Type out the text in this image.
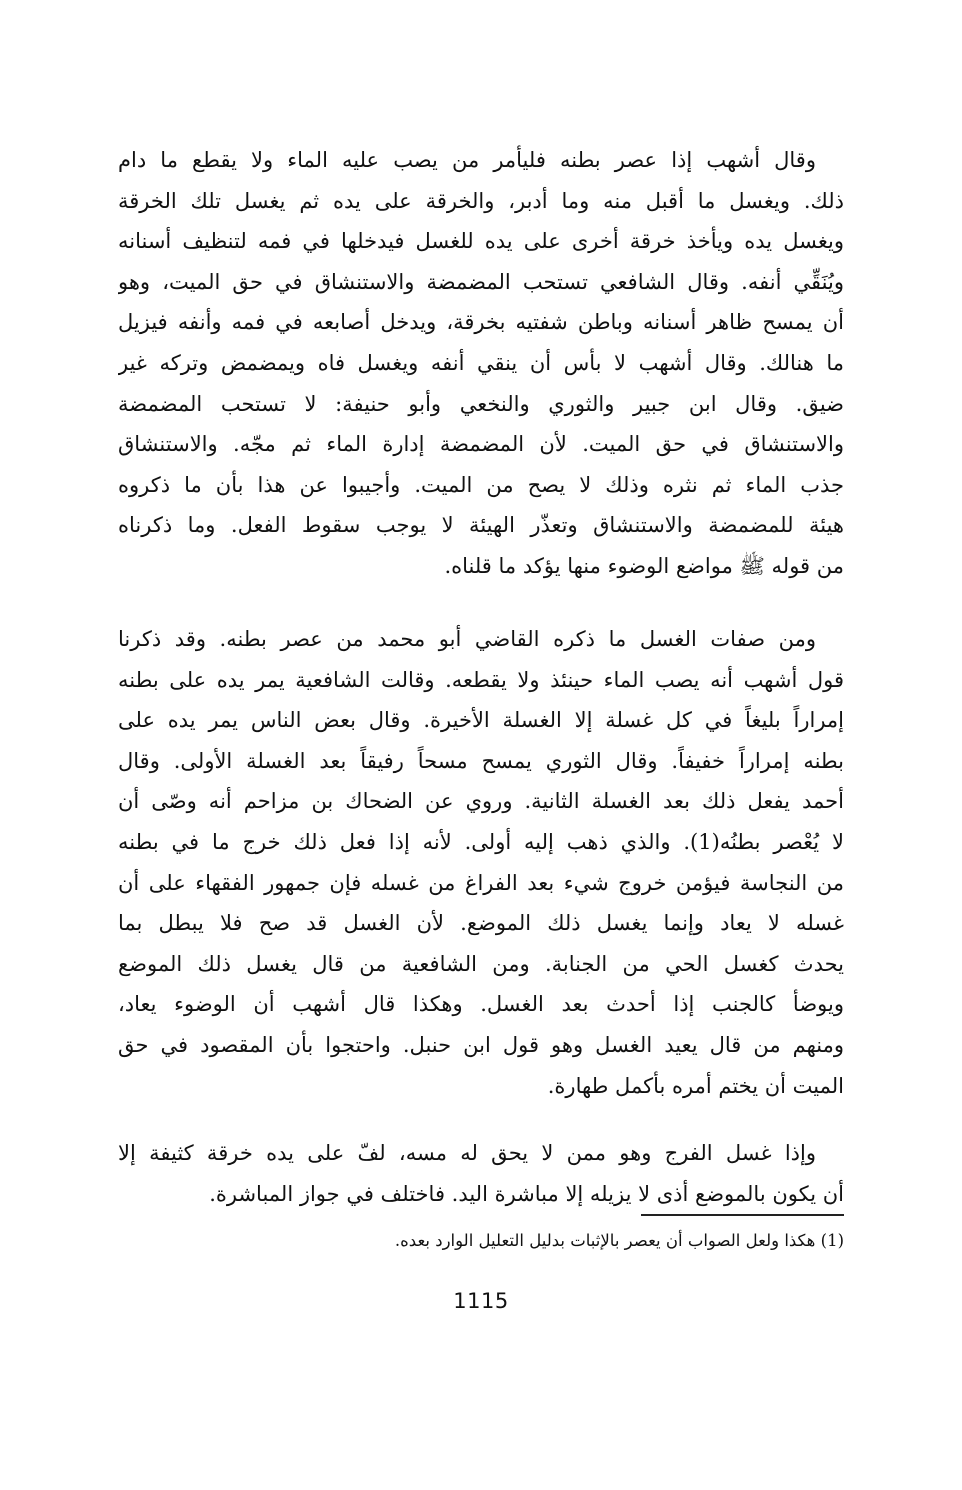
وقال أشهب إذا عصر بطنه فليأمر من يصب عليه الماء ولا يقطع ما دام
ذلك. ويغسل ما أقبل منه وما أدبر، والخرقة على يده ثم يغسل تلك الخرقة
ويغسل يده ويأخذ خرقة أخرى على يده للغسل فيدخلها في فمه لتنظيف أسنانه
ويُنَقِّي أنفه. وقال الشافعي تستحب المضمضة والاستنشاق في حق الميت، وهو
أن يمسح ظاهر أسنانه وباطن شفتيه بخرقة، ويدخل أصابعه في فمه وأنفه فيزيل
ما هنالك. وقال أشهب لا بأس أن ينقي أنفه ويغسل فاه ويمضمض وتركه غير
ضيق. وقال ابن جبير والثوري والنخعي وأبو حنيفة: لا تستحب المضمضة
والاستنشاق في حق الميت. لأن المضمضة إدارة الماء ثم مجّه. والاستنشاق
جذب الماء ثم نثره وذلك لا يصح من الميت. وأجيبوا عن هذا بأن ما ذكروه
هيئة للمضمضة والاستنشاق وتعذّر الهيئة لا يوجب سقوط الفعل. وما ذكرناه
من قوله ﷺ مواضع الوضوء منها يؤكد ما قلناه.
ومن صفات الغسل ما ذكره القاضي أبو محمد من عصر بطنه. وقد ذكرنا
قول أشهب أنه يصب الماء حينئذ ولا يقطعه. وقالت الشافعية يمر يده على بطنه
إمراراً بليغاً في كل غسلة إلا الغسلة الأخيرة. وقال بعض الناس يمر يده على
بطنه إمراراً خفيفاً. وقال الثوري يمسح مسحاً رفيقاً بعد الغسلة الأولى. وقال
أحمد يفعل ذلك بعد الغسلة الثانية. وروي عن الضحاك بن مزاحم أنه وصّى أن
لا يُعْصر بطنُه(1). والذي ذهب إليه أولى. لأنه إذا فعل ذلك خرج ما في بطنه
من النجاسة فيؤمن خروج شيء بعد الفراغ من غسله فإن جمهور الفقهاء على أن
غسله لا يعاد وإنما يغسل ذلك الموضع. لأن الغسل قد صح فلا يبطل بما
يحدث كغسل الحي من الجنابة. ومن الشافعية من قال يغسل ذلك الموضع
ويوضأ كالجنب إذا أحدث بعد الغسل. وهكذا قال أشهب أن الوضوء يعاد،
ومنهم من قال يعيد الغسل وهو قول ابن حنبل. واحتجوا بأن المقصود في حق
الميت أن يختم أمره بأكمل طهارة.
وإذا غسل الفرج وهو ممن لا يحق له مسه، لفّ على يده خرقة كثيفة إلا
أن يكون بالموضع أذى لا يزيله إلا مباشرة اليد. فاختلف في جواز المباشرة.
(1) هكذا ولعل الصواب أن يعصر بالإثبات بدليل التعليل الوارد بعده.
1115
